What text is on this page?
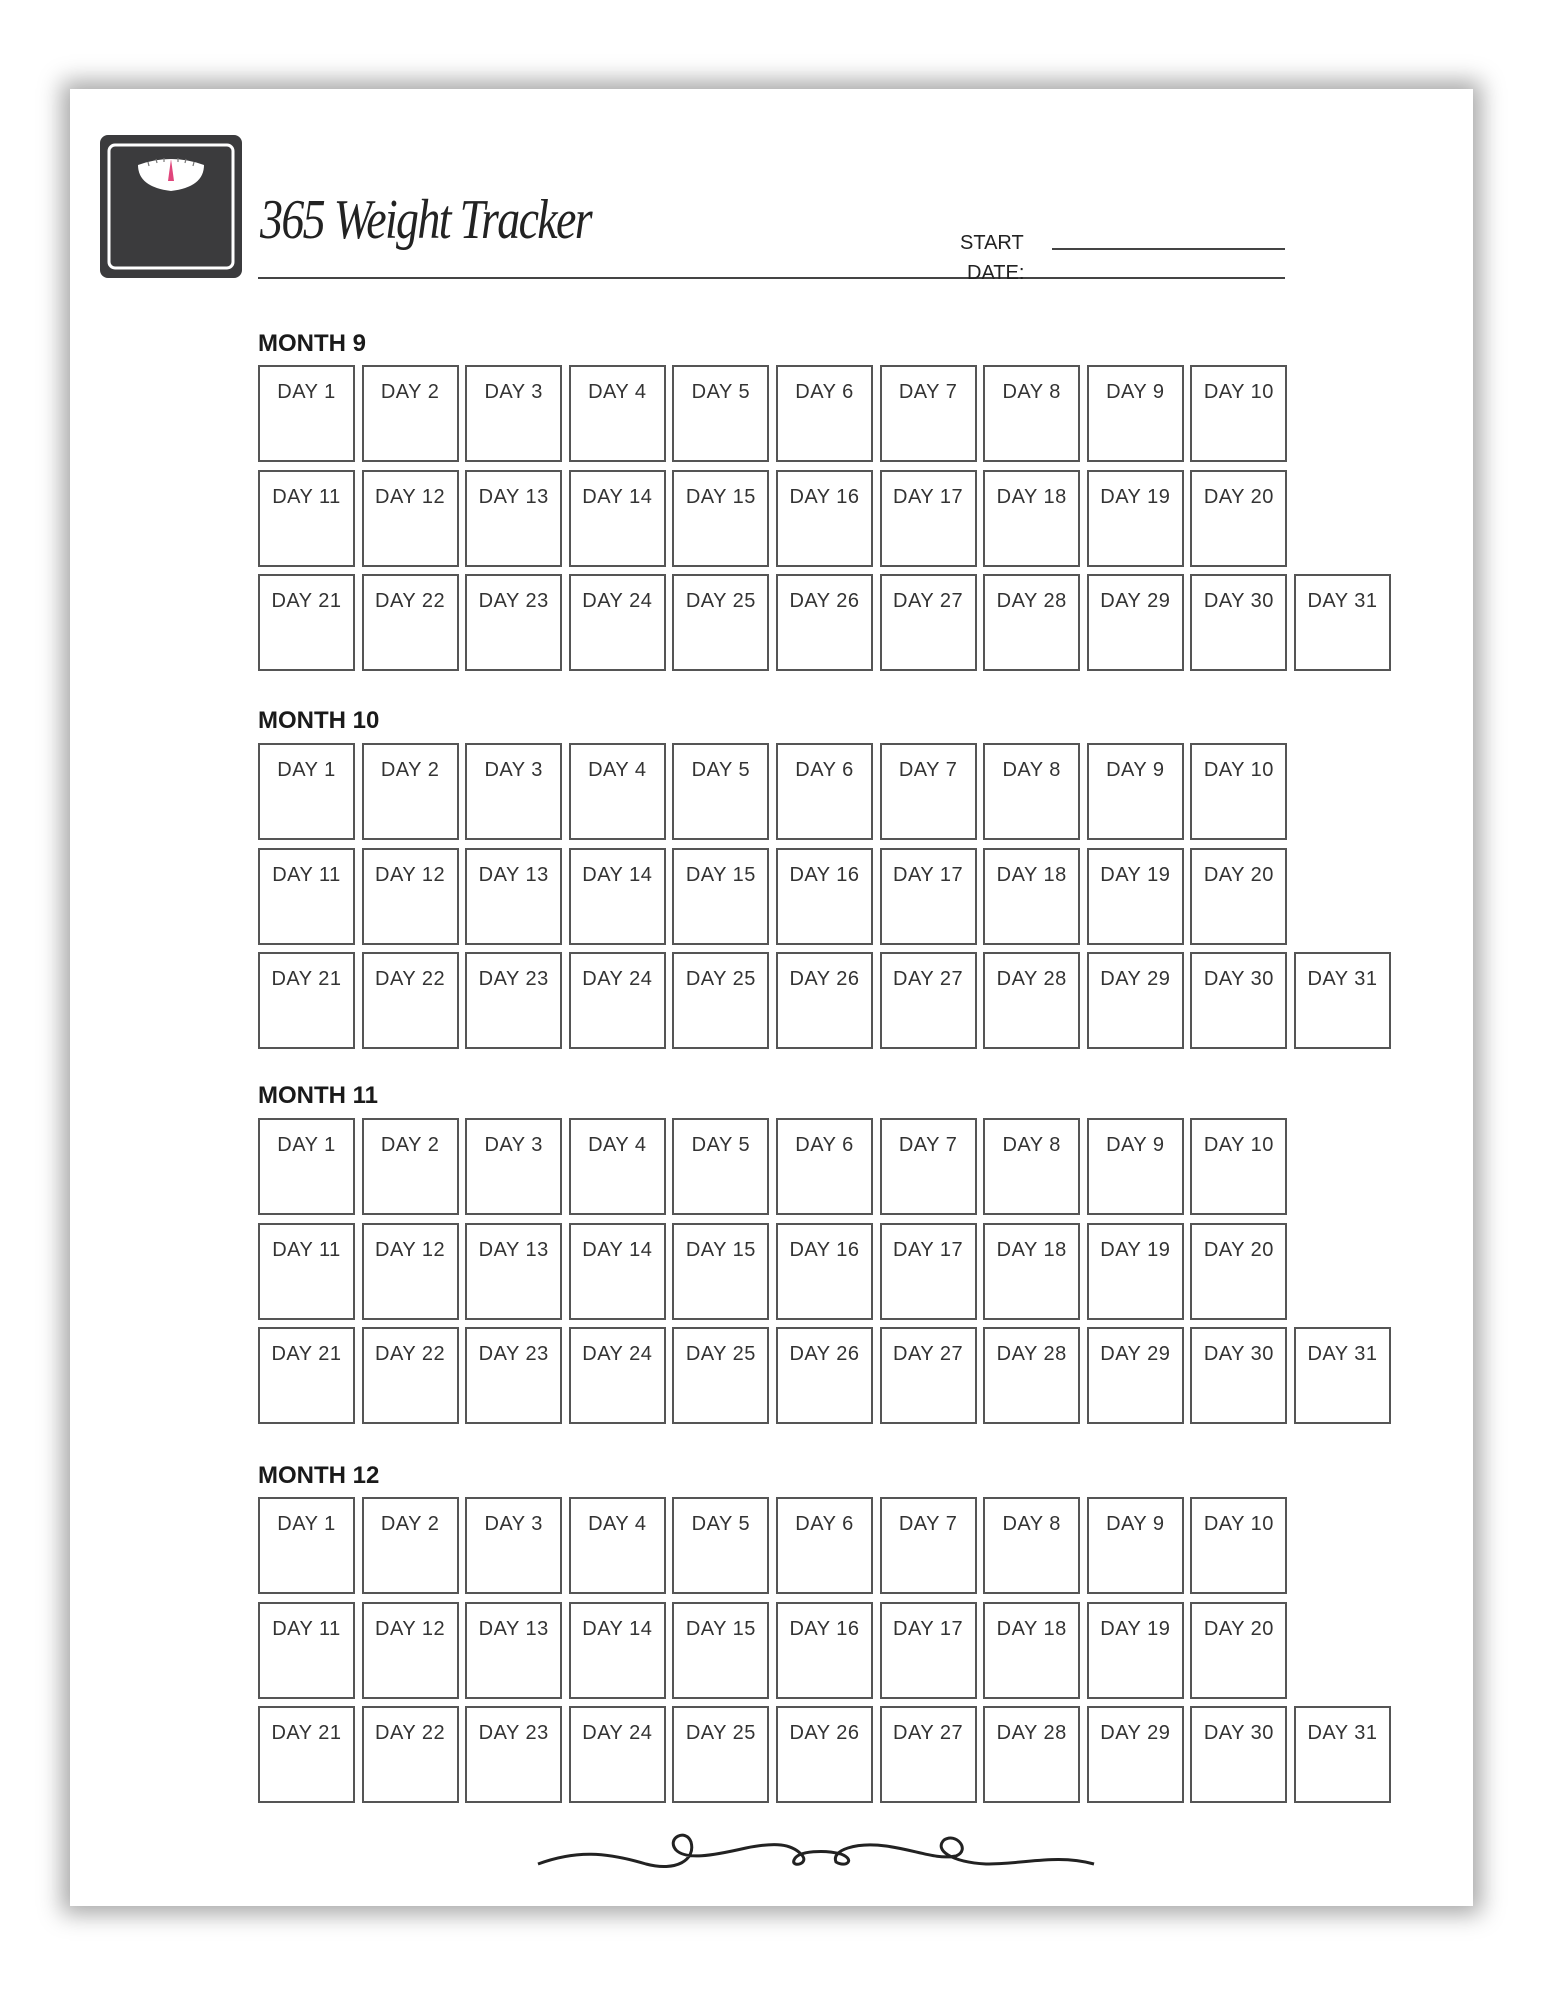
365 Weight Tracker	START
DATE:
MONTH 9
DAY 1	DAY 2	DAY 3	DAY 4	DAY 5	DAY 6	DAY 7	DAY 8	DAY 9	DAY 10
DAY 11	DAY 12	DAY 13	DAY 14	DAY 15	DAY 16	DAY 17	DAY 18	DAY 19	DAY 20
DAY 21	DAY 22	DAY 23	DAY 24	DAY 25	DAY 26	DAY 27	DAY 28	DAY 29	DAY 30	DAY 31
MONTH 10
DAY 1	DAY 2	DAY 3	DAY 4	DAY 5	DAY 6	DAY 7	DAY 8	DAY 9	DAY 10
DAY 11	DAY 12	DAY 13	DAY 14	DAY 15	DAY 16	DAY 17	DAY 18	DAY 19	DAY 20
DAY 21	DAY 22	DAY 23	DAY 24	DAY 25	DAY 26	DAY 27	DAY 28	DAY 29	DAY 30	DAY 31
MONTH 11
DAY 1	DAY 2	DAY 3	DAY 4	DAY 5	DAY 6	DAY 7	DAY 8	DAY 9	DAY 10
DAY 11	DAY 12	DAY 13	DAY 14	DAY 15	DAY 16	DAY 17	DAY 18	DAY 19	DAY 20
DAY 21	DAY 22	DAY 23	DAY 24	DAY 25	DAY 26	DAY 27	DAY 28	DAY 29	DAY 30	DAY 31
MONTH 12
DAY 1	DAY 2	DAY 3	DAY 4	DAY 5	DAY 6	DAY 7	DAY 8	DAY 9	DAY 10
DAY 11	DAY 12	DAY 13	DAY 14	DAY 15	DAY 16	DAY 17	DAY 18	DAY 19	DAY 20
DAY 21	DAY 22	DAY 23	DAY 24	DAY 25	DAY 26	DAY 27	DAY 28	DAY 29	DAY 30	DAY 31
